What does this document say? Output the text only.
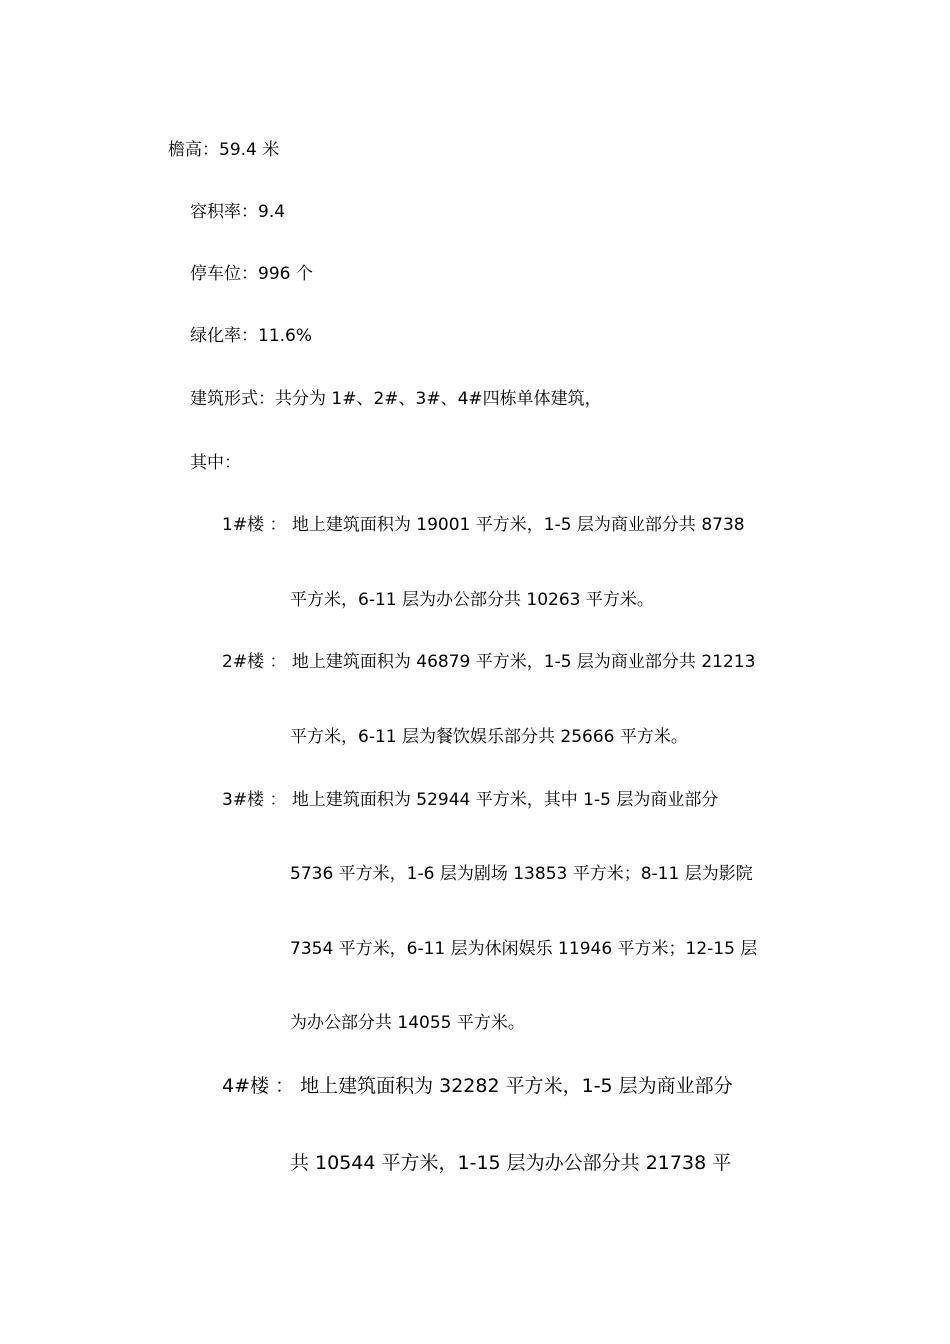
檐高：59.4 米
容积率：9.4
停车位：996 个
绿化率：11.6%
建筑形式：共分为 1#、2#、3#、4#四栋单体建筑，
其中：
1#楼 ： 地上建筑面积为 19001 平方米，1-5 层为商业部分共 8738
平方米，6-11 层为办公部分共 10263 平方米。
2#楼 ： 地上建筑面积为 46879 平方米，1-5 层为商业部分共 21213
平方米，6-11 层为餐饮娱乐部分共 25666 平方米。
3#楼 ： 地上建筑面积为 52944 平方米，其中 1-5 层为商业部分
5736 平方米，1-6 层为剧场 13853 平方米；8-11 层为影院
7354 平方米，6-11 层为休闲娱乐 11946 平方米；12-15 层
为办公部分共 14055 平方米。
4#楼 ： 地上建筑面积为 32282 平方米，1-5 层为商业部分
共 10544 平方米，1-15 层为办公部分共 21738 平
